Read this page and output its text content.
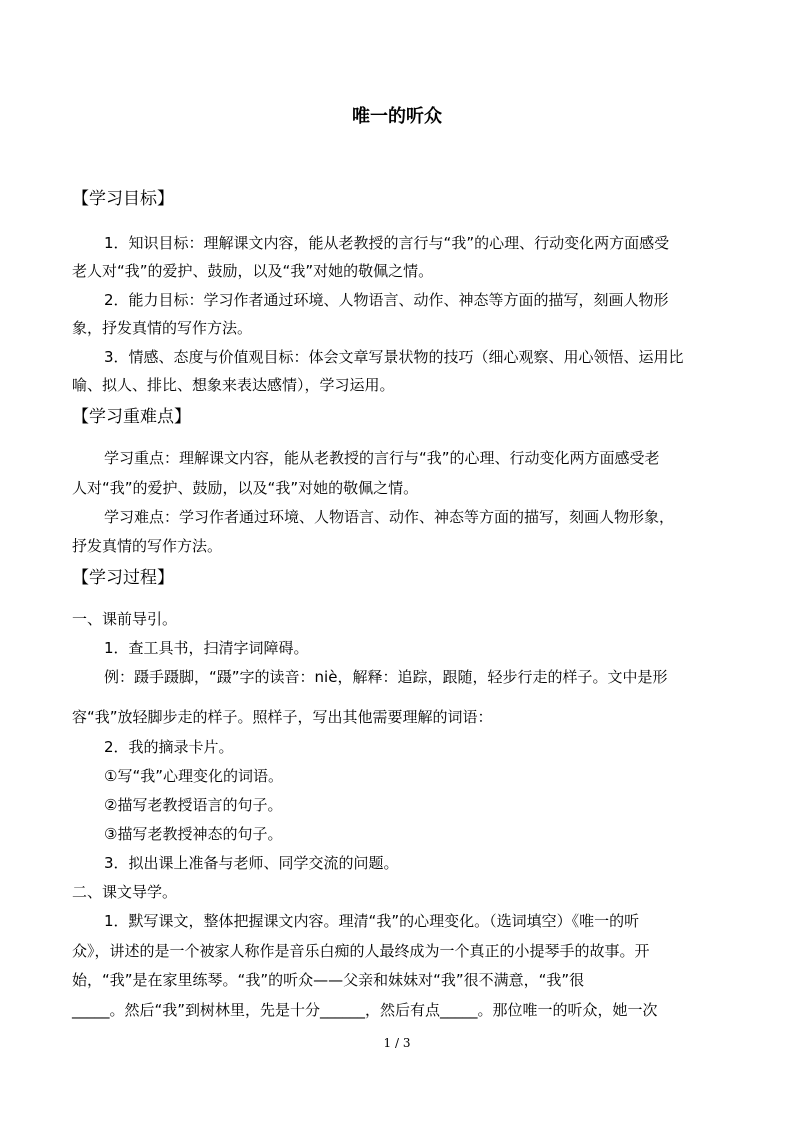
唯一的听众
【学习目标】
1．知识目标：理解课文内容，能从老教授的言行与“我”的心理、行动变化两方面感受
老人对“我”的爱护、鼓励，以及“我”对她的敬佩之情。
2．能力目标：学习作者通过环境、人物语言、动作、神态等方面的描写，刻画人物形
象，抒发真情的写作方法。
3．情感、态度与价值观目标：体会文章写景状物的技巧（细心观察、用心领悟、运用比
喻、拟人、排比、想象来表达感情），学习运用。
【学习重难点】
学习重点：理解课文内容，能从老教授的言行与“我”的心理、行动变化两方面感受老
人对“我”的爱护、鼓励，以及“我”对她的敬佩之情。
学习难点：学习作者通过环境、人物语言、动作、神态等方面的描写，刻画人物形象，
抒发真情的写作方法。
【学习过程】
一、课前导引。
1．查工具书，扫清字词障碍。
例：蹑手蹑脚，“蹑”字的读音：niè，解释：追踪，跟随，轻步行走的样子。文中是形
容“我”放轻脚步走的样子。照样子，写出其他需要理解的词语：
2．我的摘录卡片。
①写“我”心理变化的词语。
②描写老教授语言的句子。
③描写老教授神态的句子。
3．拟出课上准备与老师、同学交流的问题。
二、课文导学。
1．默写课文，整体把握课文内容。理清“我”的心理变化。（选词填空）《唯一的听
众》，讲述的是一个被家人称作是音乐白痴的人最终成为一个真正的小提琴手的故事。开
始，“我”是在家里练琴。“我”的听众——父亲和妹妹对“我”很不满意，“我”很
_____。然后“我”到树林里，先是十分______，然后有点_____。那位唯一的听众，她一次
1 / 3
